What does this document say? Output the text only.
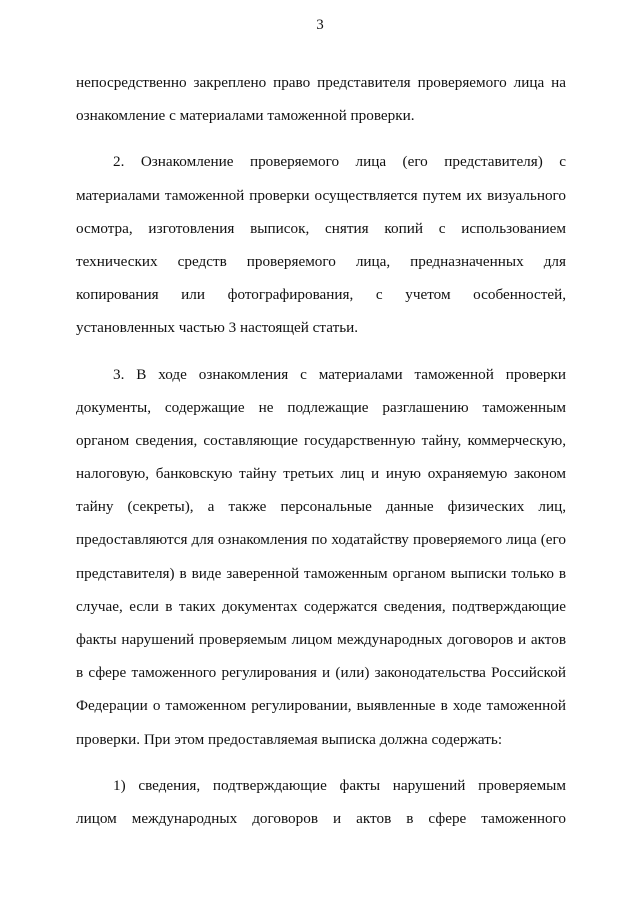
3

непосредственно закреплено право представителя проверяемого лица на
ознакомление с материалами таможенной проверки.

2. Ознакомление проверяемого лица (его представителя) с
материалами таможенной проверки осуществляется путем их визуального
осмотра, изготовления выписок, снятия копий с использованием
технических средств проверяемого лица, предназначенных для
копирования или фотографирования, с учетом особенностей,
установленных частью 3 настоящей статьи.

3. В ходе ознакомления с материалами таможенной проверки
документы, содержащие не подлежащие разглашению таможенным
органом сведения, составляющие государственную тайну, коммерческую,
налоговую, банковскую тайну третьих лиц и иную охраняемую законом
тайну (секреты), а также персональные данные физических лиц,
предоставляются для ознакомления по ходатайству проверяемого лица (его
представителя) в виде заверенной таможенным органом выписки только в
случае, если в таких документах содержатся сведения, подтверждающие
факты нарушений проверяемым лицом международных договоров и актов
в сфере таможенного регулирования и (или) законодательства Российской
Федерации о таможенном регулировании, выявленные в ходе таможенной
проверки. При этом предоставляемая выписка должна содержать:

1) сведения, подтверждающие факты нарушений проверяемым
лицом международных договоров и актов в сфере таможенного
